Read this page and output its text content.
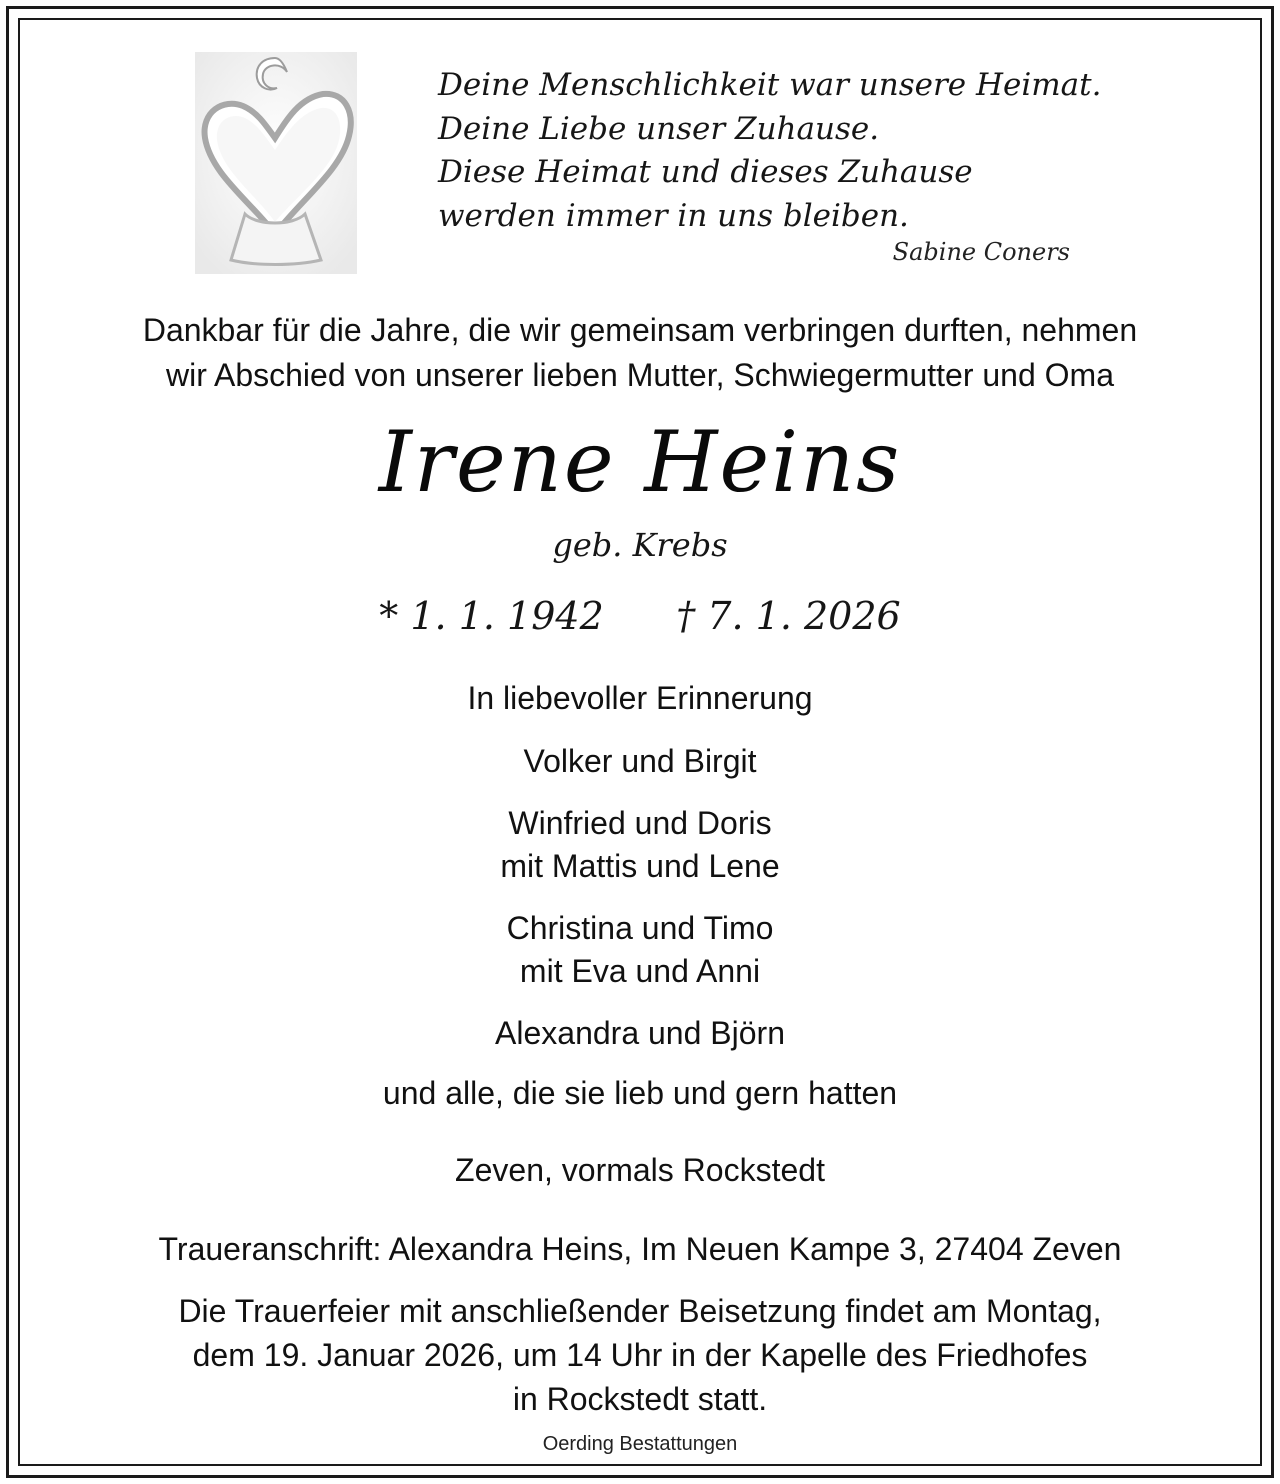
Deine Menschlichkeit war unsere Heimat.
Deine Liebe unser Zuhause.
Diese Heimat und dieses Zuhause
werden immer in uns bleiben.
Sabine Coners
Dankbar für die Jahre, die wir gemeinsam verbringen durften, nehmen
wir Abschied von unserer lieben Mutter, Schwiegermutter und Oma
Irene Heins
geb. Krebs
* 1. 1. 1942      † 7. 1. 2026
In liebevoller Erinnerung
Volker und Birgit
Winfried und Doris
mit Mattis und Lene
Christina und Timo
mit Eva und Anni
Alexandra und Björn
und alle, die sie lieb und gern hatten
Zeven, vormals Rockstedt
Traueranschrift: Alexandra Heins, Im Neuen Kampe 3, 27404 Zeven
Die Trauerfeier mit anschließender Beisetzung findet am Montag,
dem 19. Januar 2026, um 14 Uhr in der Kapelle des Friedhofes
in Rockstedt statt.
Oerding Bestattungen
